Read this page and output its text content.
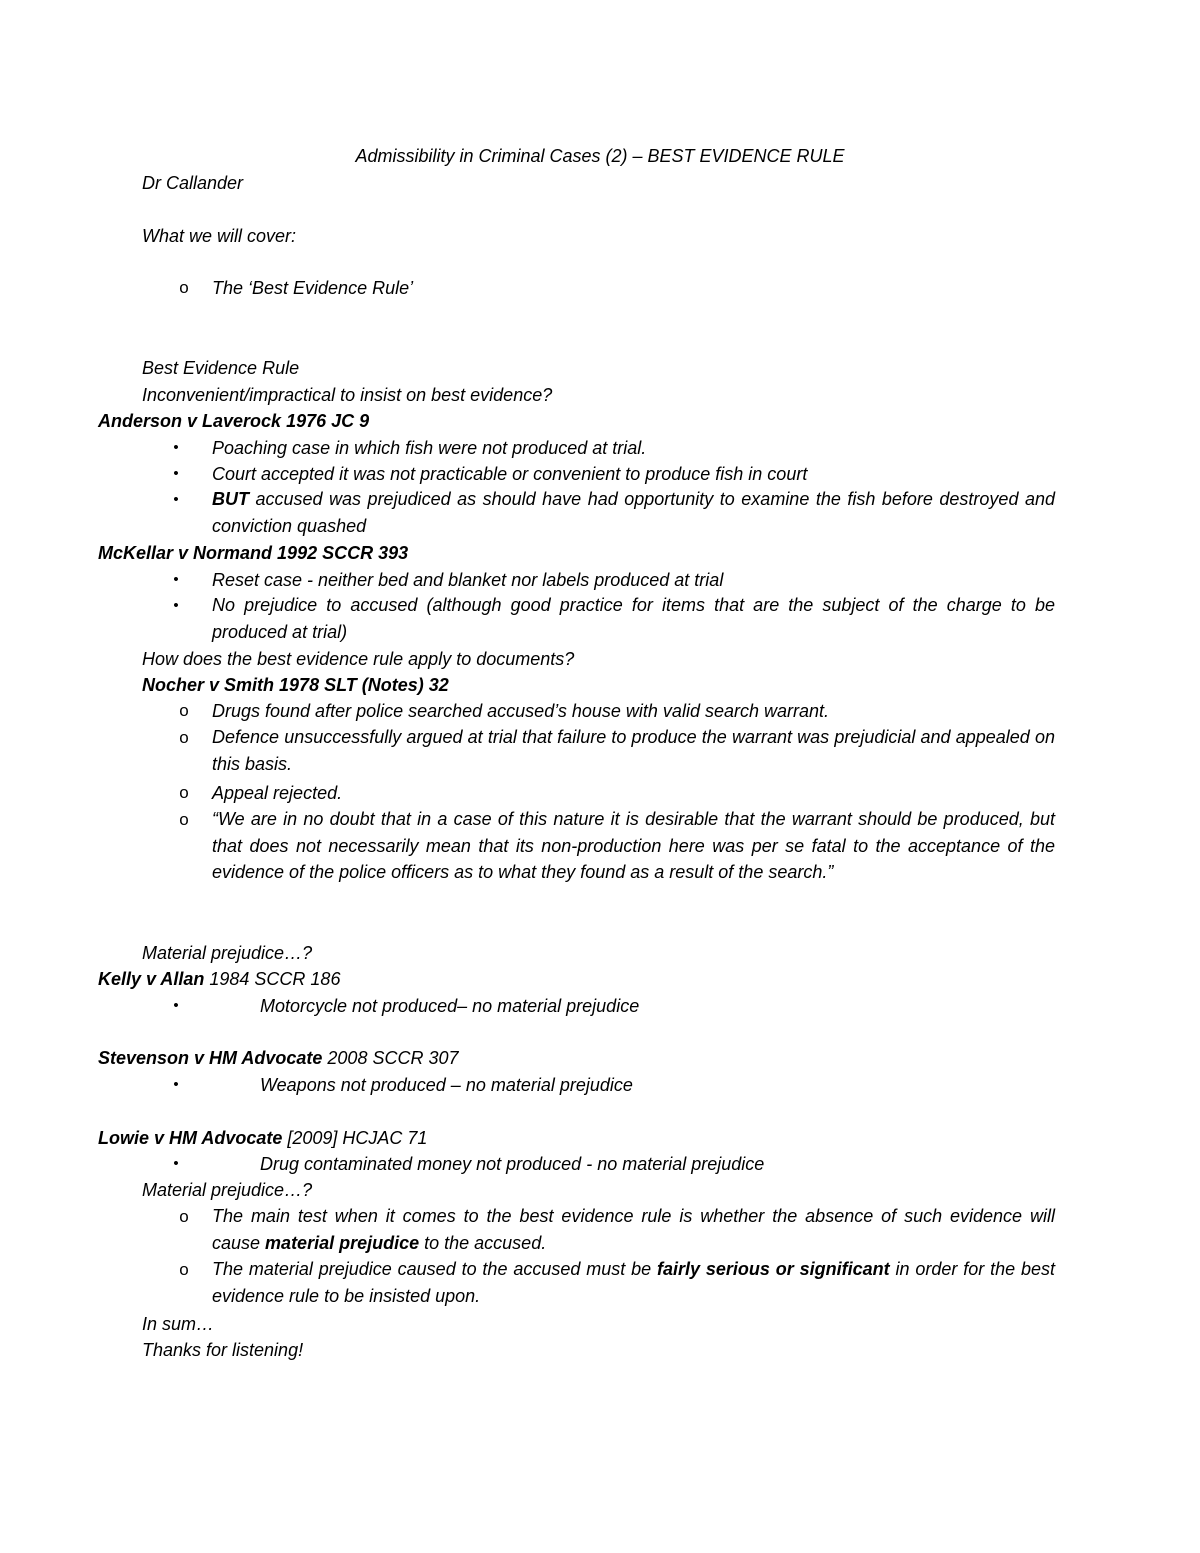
Admissibility in Criminal Cases (2) – BEST EVIDENCE RULE
Dr Callander
What we will cover:
o The ‘Best Evidence Rule’
Best Evidence Rule
Inconvenient/impractical to insist on best evidence?
Anderson v Laverock 1976 JC 9
•	Poaching case in which fish were not produced at trial.
•	Court accepted it was not practicable or convenient to produce fish in court
•	BUT accused was prejudiced as should have had opportunity to examine the fish before destroyed and conviction quashed
McKellar v Normand 1992 SCCR 393
•	Reset case - neither bed and blanket nor labels produced at trial
•	No prejudice to accused (although good practice for items that are the subject of the charge to be produced at trial)
How does the best evidence rule apply to documents?
Nocher v Smith 1978 SLT (Notes) 32
o Drugs found after police searched accused’s house with valid search warrant.
o Defence unsuccessfully argued at trial that failure to produce the warrant was prejudicial and appealed on this basis.
o Appeal rejected.
o “We are in no doubt that in a case of this nature it is desirable that the warrant should be produced, but that does not necessarily mean that its non-production here was per se fatal to the acceptance of the evidence of the police officers as to what they found as a result of the search.”
Material prejudice…?
Kelly v Allan 1984 SCCR 186
•	Motorcycle not produced– no material prejudice
Stevenson v HM Advocate 2008 SCCR 307
•	Weapons not produced – no material prejudice
Lowie v HM Advocate [2009] HCJAC 71
•	Drug contaminated money not produced - no material prejudice
Material prejudice…?
o The main test when it comes to the best evidence rule is whether the absence of such evidence will cause material prejudice to the accused.
o The material prejudice caused to the accused must be fairly serious or significant in order for the best evidence rule to be insisted upon.
In sum…
Thanks for listening!
